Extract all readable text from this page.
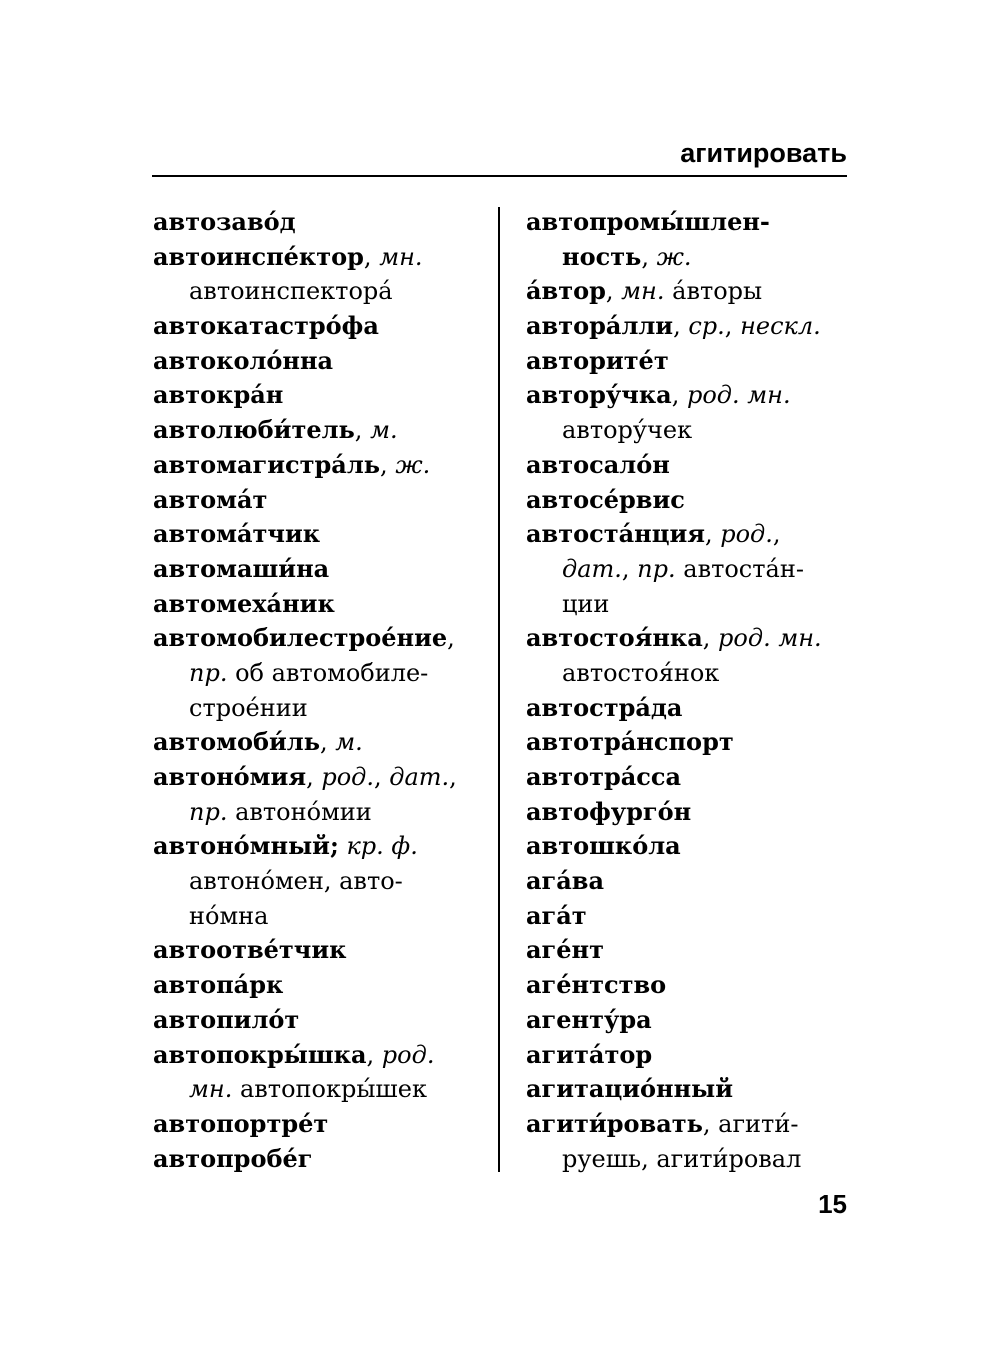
агитировать
автозаво́д
автоинспе́ктор, мн.
автоинспектора́
автокатастро́фа
автоколо́нна
автокра́н
автолюби́тель, м.
автомагистра́ль, ж.
автома́т
автома́тчик
автомаши́на
автомеха́ник
автомобилестрое́ние,
пр. об автомобиле-
строе́нии
автомоби́ль, м.
автоно́мия, род., дат.,
пр. автоно́мии
автоно́мный; кр. ф.
автоно́мен, авто-
но́мна
автоотве́тчик
автопа́рк
автопило́т
автопокры́шка, род.
мн. автопокры́шек
автопортре́т
автопробе́г
автопромы́шлен-
ность, ж.
а́втор, мн. а́вторы
автора́лли, ср., нескл.
авторите́т
автору́чка, род. мн.
автору́чек
автосало́н
автосе́рвис
автоста́нция, род.,
дат., пр. автоста́н-
ции
автостоя́нка, род. мн.
автостоя́нок
автостра́да
автотра́нспорт
автотра́сса
автофурго́н
автошко́ла
ага́ва
ага́т
аге́нт
аге́нтство
агенту́ра
агита́тор
агитацио́нный
агити́ровать, агити́-
руешь, агити́ровал
15
